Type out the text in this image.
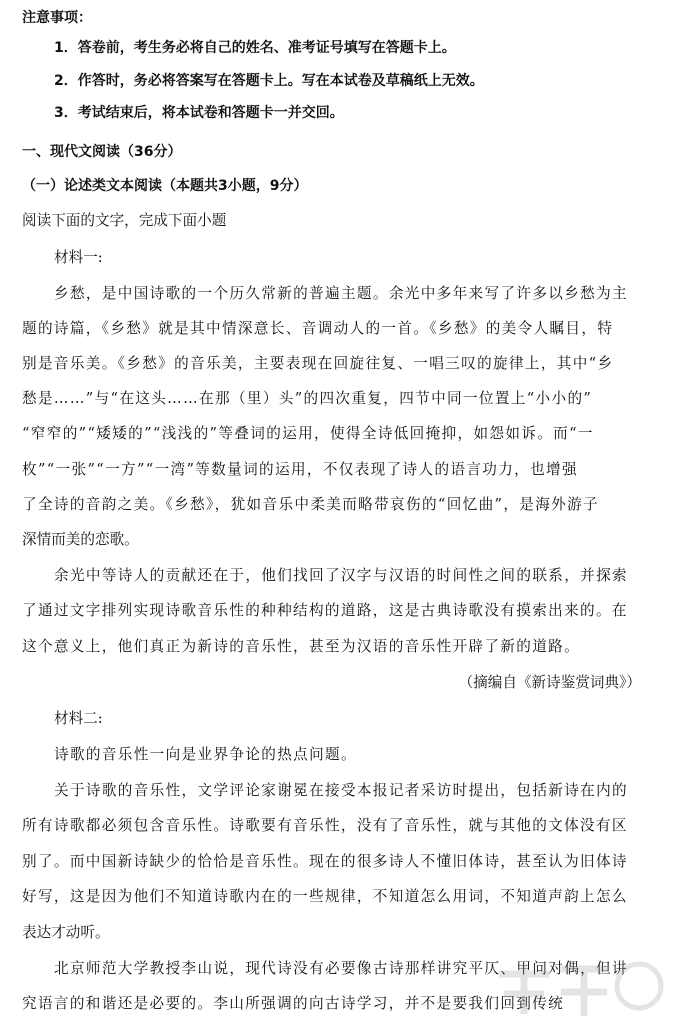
注意事项：
1．答卷前，考生务必将自己的姓名、准考证号填写在答题卡上。
2．作答时，务必将答案写在答题卡上。写在本试卷及草稿纸上无效。
3．考试结束后，将本试卷和答题卡一并交回。
一、现代文阅读（36分）
（一）论述类文本阅读（本题共3小题，9分）
阅读下面的文字，完成下面小题
材料一:
乡愁，是中国诗歌的一个历久常新的普遍主题。余光中多年来写了许多以乡愁为主
题的诗篇，《乡愁》就是其中情深意长、音调动人的一首。《乡愁》的美令人瞩目，特
别是音乐美。《乡愁》的音乐美，主要表现在回旋往复、一唱三叹的旋律上，其中“乡
愁是……”与“在这头……在那（里）头”的四次重复，四节中同一位置上“小小的”
“窄窄的”“矮矮的”“浅浅的”等叠词的运用，使得全诗低回掩抑，如怨如诉。而“一
枚”“一张”“一方”“一湾”等数量词的运用，不仅表现了诗人的语言功力，也增强
了全诗的音韵之美。《乡愁》，犹如音乐中柔美而略带哀伤的“回忆曲”，是海外游子
深情而美的恋歌。
余光中等诗人的贡献还在于，他们找回了汉字与汉语的时间性之间的联系，并探索
了通过文字排列实现诗歌音乐性的种种结构的道路，这是古典诗歌没有摸索出来的。在
这个意义上，他们真正为新诗的音乐性，甚至为汉语的音乐性开辟了新的道路。
（摘编自《新诗鉴赏词典》）
材料二:
诗歌的音乐性一向是业界争论的热点问题。
关于诗歌的音乐性，文学评论家谢冕在接受本报记者采访时提出，包括新诗在内的
所有诗歌都必须包含音乐性。诗歌要有音乐性，没有了音乐性，就与其他的文体没有区
别了。而中国新诗缺少的恰恰是音乐性。现在的很多诗人不懂旧体诗，甚至认为旧体诗
好写，这是因为他们不知道诗歌内在的一些规律，不知道怎么用词，不知道声韵上怎么
表达才动听。
北京师范大学教授李山说，现代诗没有必要像古诗那样讲究平仄、甲问对偶，但讲
究语言的和谐还是必要的。李山所强调的向古诗学习，并不是要我们回到传统
